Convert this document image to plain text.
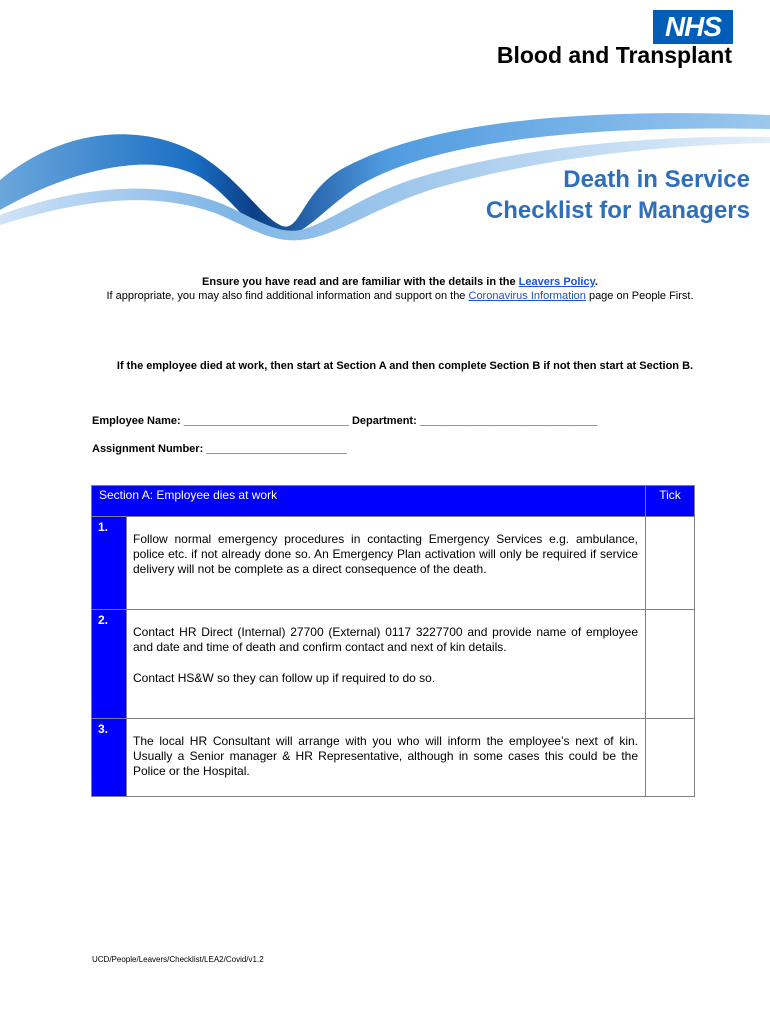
NHS
Blood and Transplant
Death in Service
Checklist for Managers
Ensure you have read and are familiar with the details in the Leavers Policy.
If appropriate, you may also find additional information and support on the Coronavirus Information page on People First.
If the employee died at work, then start at Section A and then complete Section B if not then start at Section B.
Employee Name: ___________________________ Department: _____________________________
Assignment Number: _______________________
Section A: Employee dies at work		Tick
1.	Follow normal emergency procedures in contacting Emergency Services e.g. ambulance, police etc. if not already done so. An Emergency Plan activation will only be required if service delivery will not be complete as a direct consequence of the death.	

2.	Contact HR Direct (Internal) 27700 (External) 0117 3227700 and provide name of employee and date and time of death and confirm contact and next of kin details.

Contact HS&W so they can follow up if required to do so.	

3.	The local HR Consultant will arrange with you who will inform the employee’s next of kin. Usually a Senior manager & HR Representative, although in some cases this could be the Police or the Hospital.	

UCD/People/Leavers/Checklist/LEA2/Covid/v1.2
